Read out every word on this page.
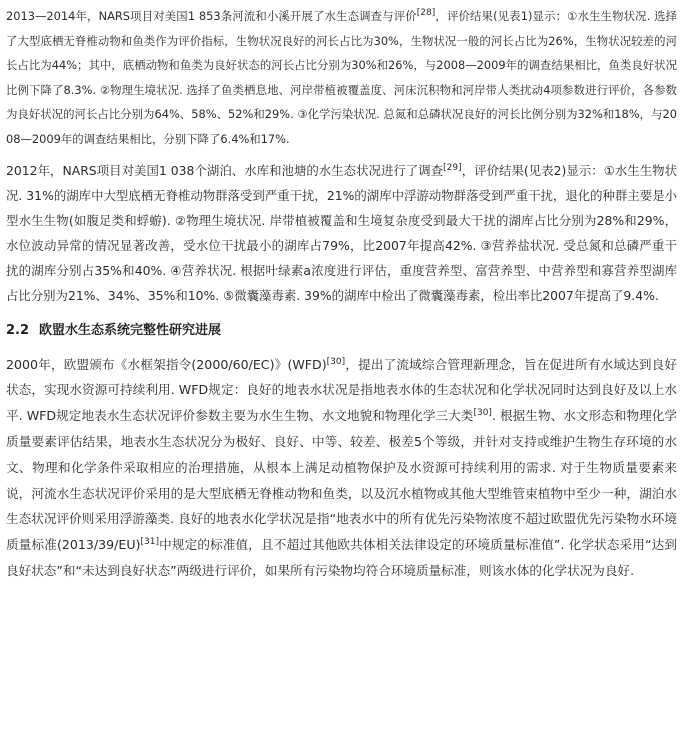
2013—2014年，NARS项目对美国1 853条河流和小溪开展了水生态调查与评价[28]，评价结果(见表1)显示：①水生生物状况. 选择了大型底栖无脊椎动物和鱼类作为评价指标，生物状况良好的河长占比为30%，生物状况一般的河长占比为26%，生物状况较差的河长占比为44%；其中，底栖动物和鱼类为良好状态的河长占比分别为30%和26%，与2008—2009年的调查结果相比，鱼类良好状况比例下降了8.3%. ②物理生境状况. 选择了鱼类栖息地、河岸带植被覆盖度、河床沉积物和河岸带人类扰动4项参数进行评价，各参数为良好状况的河长占比分别为64%、58%、52%和29%. ③化学污染状况. 总氮和总磷状况良好的河长比例分别为32%和18%，与2008—2009年的调查结果相比，分别下降了6.4%和17%.

2012年，NARS项目对美国1 038个湖泊、水库和池塘的水生态状况进行了调查[29]，评价结果(见表2)显示：①水生生物状况. 31%的湖库中大型底栖无脊椎动物群落受到严重干扰，21%的湖库中浮游动物群落受到严重干扰，退化的种群主要是小型水生生物(如腹足类和蜉蝣). ②物理生境状况. 岸带植被覆盖和生境复杂度受到最大干扰的湖库占比分别为28%和29%，水位波动异常的情况显著改善，受水位干扰最小的湖库占79%，比2007年提高42%. ③营养盐状况. 受总氮和总磷严重干扰的湖库分别占35%和40%. ④营养状况. 根据叶绿素a浓度进行评估，重度营养型、富营养型、中营养型和寡营养型湖库占比分别为21%、34%、35%和10%. ⑤微囊藻毒素. 39%的湖库中检出了微囊藻毒素，检出率比2007年提高了9.4%.

2.2 欧盟水生态系统完整性研究进展

2000年，欧盟颁布《水框架指令(2000/60/EC)》(WFD)[30]，提出了流域综合管理新理念，旨在促进所有水域达到良好状态，实现水资源可持续利用. WFD规定：良好的地表水状况是指地表水体的生态状况和化学状况同时达到良好及以上水平. WFD规定地表水生态状况评价参数主要为水生生物、水文地貌和物理化学三大类[30]. 根据生物、水文形态和物理化学质量要素评估结果，地表水生态状况分为极好、良好、中等、较差、极差5个等级，并针对支持或维护生物生存环境的水文、物理和化学条件采取相应的治理措施，从根本上满足动植物保护及水资源可持续利用的需求. 对于生物质量要素来说，河流水生态状况评价采用的是大型底栖无脊椎动物和鱼类，以及沉水植物或其他大型维管束植物中至少一种，湖泊水生态状况评价则采用浮游藻类. 良好的地表水化学状况是指“地表水中的所有优先污染物浓度不超过欧盟优先污染物水环境质量标准(2013/39/EU)[31]中规定的标准值，且不超过其他欧共体相关法律设定的环境质量标准值”. 化学状态采用“达到良好状态”和“未达到良好状态”两级进行评价，如果所有污染物均符合环境质量标准，则该水体的化学状况为良好.
